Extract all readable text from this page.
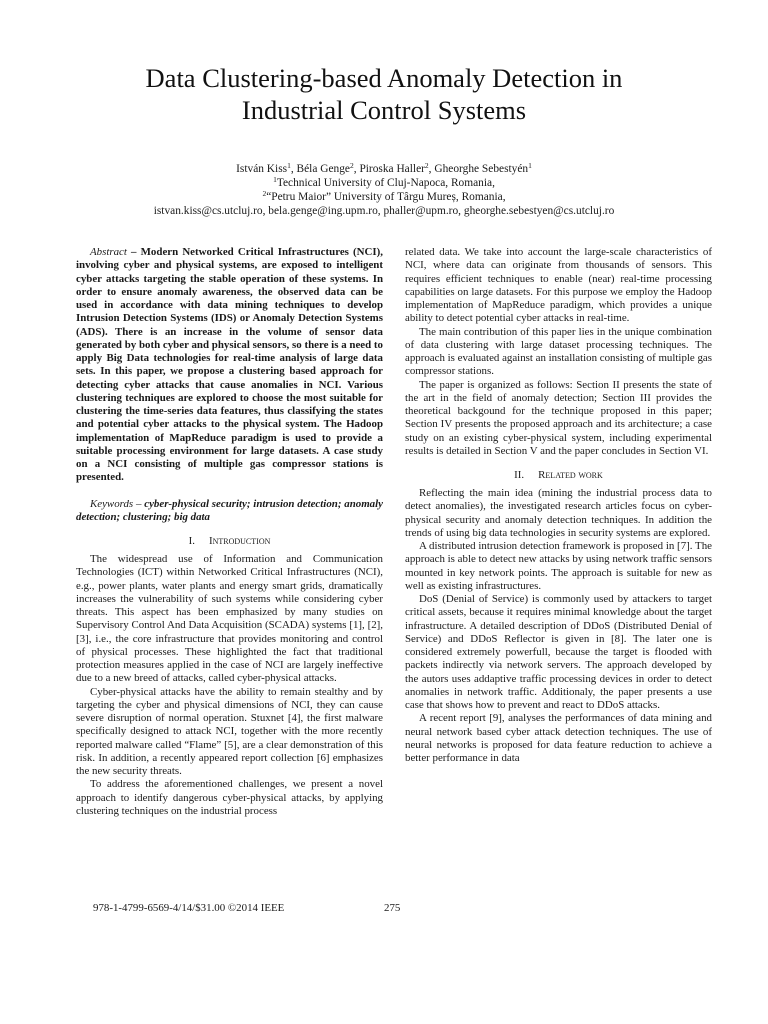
Data Clustering-based Anomaly Detection in
Industrial Control Systems
István Kiss$^1$, Béla Genge$^2$, Piroska Haller$^2$, Gheorghe Sebestyén$^1$
$^1$Technical University of Cluj-Napoca, Romania,
$^2$“Petru Maior” University of Târgu Mureș, Romania,
istvan.kiss@cs.utcluj.ro, bela.genge@ing.upm.ro, phaller@upm.ro, gheorghe.sebestyen@cs.utcluj.ro

Abstract – Modern Networked Critical Infrastructures (NCI), involving cyber and physical systems, are exposed to intelligent cyber attacks targeting the stable operation of these systems. In order to ensure anomaly awareness, the observed data can be used in accordance with data mining techniques to develop Intrusion Detection Systems (IDS) or Anomaly Detection Systems (ADS). There is an increase in the volume of sensor data generated by both cyber and physical sensors, so there is a need to apply Big Data technologies for real-time analysis of large data sets. In this paper, we propose a clustering based approach for detecting cyber attacks that cause anomalies in NCI. Various clustering techniques are explored to choose the most suitable for clustering the time-series data features, thus classifying the states and potential cyber attacks to the physical system. The Hadoop implementation of MapReduce paradigm is used to provide a suitable processing environment for large datasets. A case study on a NCI consisting of multiple gas compressor stations is presented.

Keywords – cyber-physical security; intrusion detection; anomaly detection; clustering; big data

I. Introduction

The widespread use of Information and Communication Technologies (ICT) within Networked Critical Infrastructures (NCI), e.g., power plants, water plants and energy smart grids, dramatically increases the vulnerability of such systems while considering cyber threats. This aspect has been emphasized by many studies on Supervisory Control And Data Acquisition (SCADA) systems [1], [2], [3], i.e., the core infrastructure that provides monitoring and control of physical processes. These highlighted the fact that traditional protection measures applied in the case of NCI are largely ineffective due to a new breed of attacks, called cyber-physical attacks.

Cyber-physical attacks have the ability to remain stealthy and by targeting the cyber and physical dimensions of NCI, they can cause severe disruption of normal operation. Stuxnet [4], the first malware specifically designed to attack NCI, together with the more recently reported malware called “Flame” [5], are a clear demonstration of this risk. In addition, a recently appeared report collection [6] emphasizes the new security threats.

To address the aforementioned challenges, we present a novel approach to identify dangerous cyber-physical attacks, by applying clustering techniques on the industrial process

related data. We take into account the large-scale characteristics of NCI, where data can originate from thousands of sensors. This requires efficient techniques to enable (near) real-time processing capabilities on large datasets. For this purpose we employ the Hadoop implementation of MapReduce paradigm, which provides a unique ability to detect potential cyber attacks in real-time.

The main contribution of this paper lies in the unique combination of data clustering with large dataset processing techniques. The approach is evaluated against an installation consisting of multiple gas compressor stations.

The paper is organized as follows: Section II presents the state of the art in the field of anomaly detection; Section III provides the theoretical backgound for the technique proposed in this paper; Section IV presents the proposed approach and its architecture; a case study on an existing cyber-physical system, including experimental results is detailed in Section V and the paper concludes in Section VI.

II. Related work

Reflecting the main idea (mining the industrial process data to detect anomalies), the investigated research articles focus on cyber-physical security and anomaly detection techniques. In addition the trends of using big data technologies in security systems are explored.

A distributed intrusion detection framework is proposed in [7]. The approach is able to detect new attacks by using network traffic sensors mounted in key network points. The approach is suitable for new as well as existing infrastructures.

DoS (Denial of Service) is commonly used by attackers to target critical assets, because it requires minimal knowledge about the target infrastructure. A detailed description of DDoS (Distributed Denial of Service) and DDoS Reflector is given in [8]. The later one is considered extremely powerfull, because the target is flooded with packets indirectly via network servers. The approach developed by the autors uses addaptive traffic processing devices in order to detect anomalies in network traffic. Additionaly, the paper presents a use case that shows how to prevent and react to DDoS attacks.

A recent report [9], analyses the performances of data mining and neural network based cyber attack detection techniques. The use of neural networks is proposed for data feature reduction to achieve a better performance in data

978-1-4799-6569-4/14/$31.00 ©2014 IEEE	275
